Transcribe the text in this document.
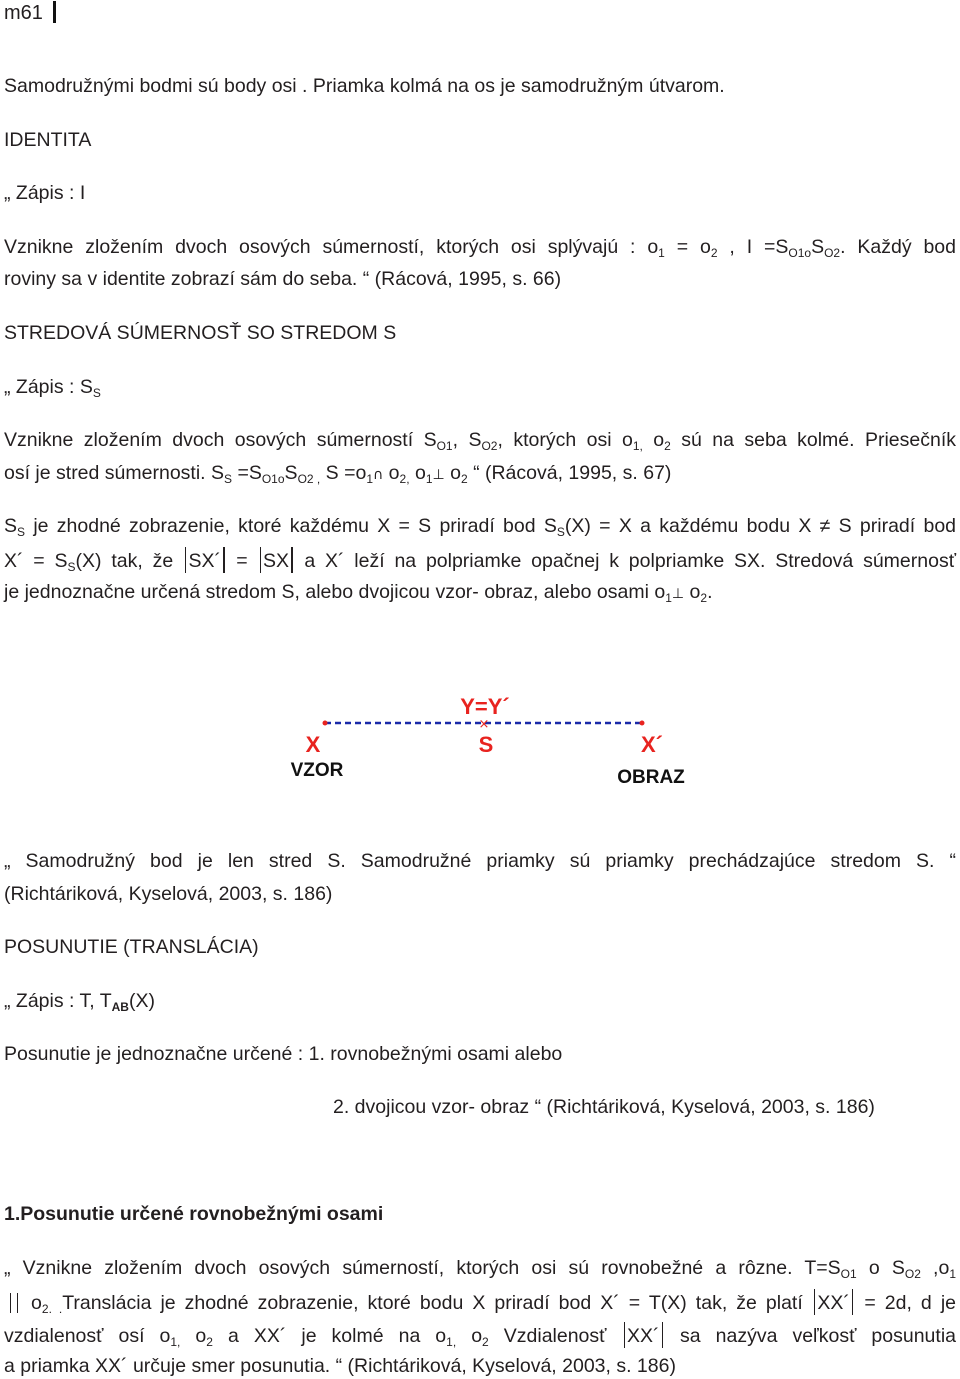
m61
Samodružnými bodmi sú body osi . Priamka kolmá na os je samodružným útvarom.
IDENTITA
„ Zápis : I
Vznikne zložením dvoch osových súmerností, ktorých osi splývajú : $o_1 = o_2$ , $I =S_{O1o}S_{O2}$. Každý bod
roviny sa v identite zobrazí sám do seba. “ (Rácová, 1995, s. 66)
STREDOVÁ SÚMERNOSŤ SO STREDOM S
„ Zápis : $S_S$
Vznikne zložením dvoch osových súmerností $S_{O1}$, $S_{O2}$, ktorých osi $o_{1,}$ $o_2$ sú na seba kolmé. Priesečník
osí je stred súmernosti. $S_S =S_{O1o}S_{O2 ,}$ $S =o_1\cap$ $o_{2,}$ $o_1\perp$ $o_2$ “ (Rácová, 1995, s. 67)
$S_S$ je zhodné zobrazenie, ktoré každému X = S priradí bod $S_S(X) = X$ a každému bodu X ≠ S priradí bod
X´ = $S_S(X)$ tak, že SX´ = SX a X´ leží na polpriamke opačnej k polpriamke SX. Stredová súmernosť
je jednoznačne určená stredom S, alebo dvojicou vzor- obraz, alebo osami $o_1\perp$ $o_2$.
Y=Y´
×
X	S	X´
VZOR	OBRAZ
„ Samodružný bod je len stred S. Samodružné priamky sú priamky prechádzajúce stredom S. “
(Richtáriková, Kyselová, 2003, s. 186)
POSUNUTIE (TRANSLÁCIA)
„ Zápis : T, $T_{AB}(X)$
Posunutie je jednoznačne určené : 1. rovnobežnými osami alebo
2. dvojicou vzor- obraz “ (Richtáriková, Kyselová, 2003, s. 186)
1.Posunutie určené rovnobežnými osami
„ Vznikne zložením dvoch osových súmerností, ktorých osi sú rovnobežné a rôzne. $T=S_{O1}$ o $S_{O2}$ $,o_1$
$o_{2. .}Translácia$ je zhodné zobrazenie, ktoré bodu X priradí bod X´ = T(X) tak, že platí XX´ = 2d, d je
vzdialenosť osí $o_{1,}$ $o_2$ a XX´ je kolmé na $o_{1,}$ $o_2$ Vzdialenosť XX´ sa nazýva veľkosť posunutia
a priamka XX´ určuje smer posunutia. “ (Richtáriková, Kyselová, 2003, s. 186)
